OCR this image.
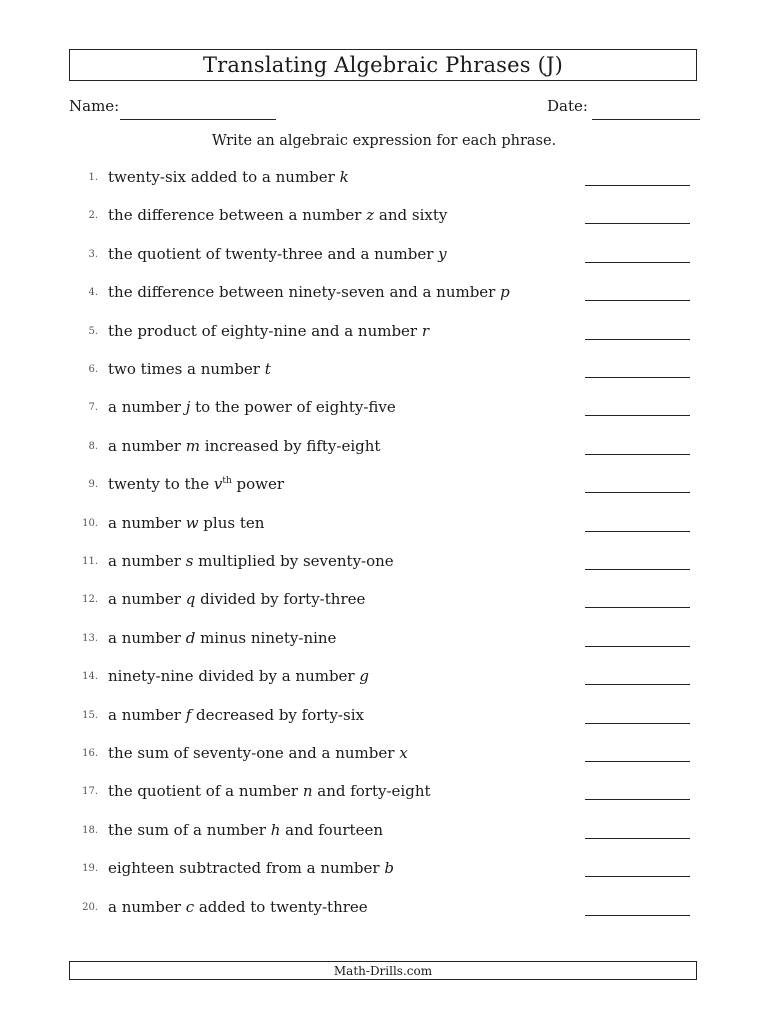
Translating Algebraic Phrases (J)
Name:	Date:
Write an algebraic expression for each phrase.
1. twenty-six added to a number k
2. the difference between a number z and sixty
3. the quotient of twenty-three and a number y
4. the difference between ninety-seven and a number p
5. the product of eighty-nine and a number r
6. two times a number t
7. a number j to the power of eighty-five
8. a number m increased by fifty-eight
9. twenty to the $v^{th}$ power
10. a number w plus ten
11. a number s multiplied by seventy-one
12. a number q divided by forty-three
13. a number d minus ninety-nine
14. ninety-nine divided by a number g
15. a number f decreased by forty-six
16. the sum of seventy-one and a number x
17. the quotient of a number n and forty-eight
18. the sum of a number h and fourteen
19. eighteen subtracted from a number b
20. a number c added to twenty-three
Math-Drills.com
